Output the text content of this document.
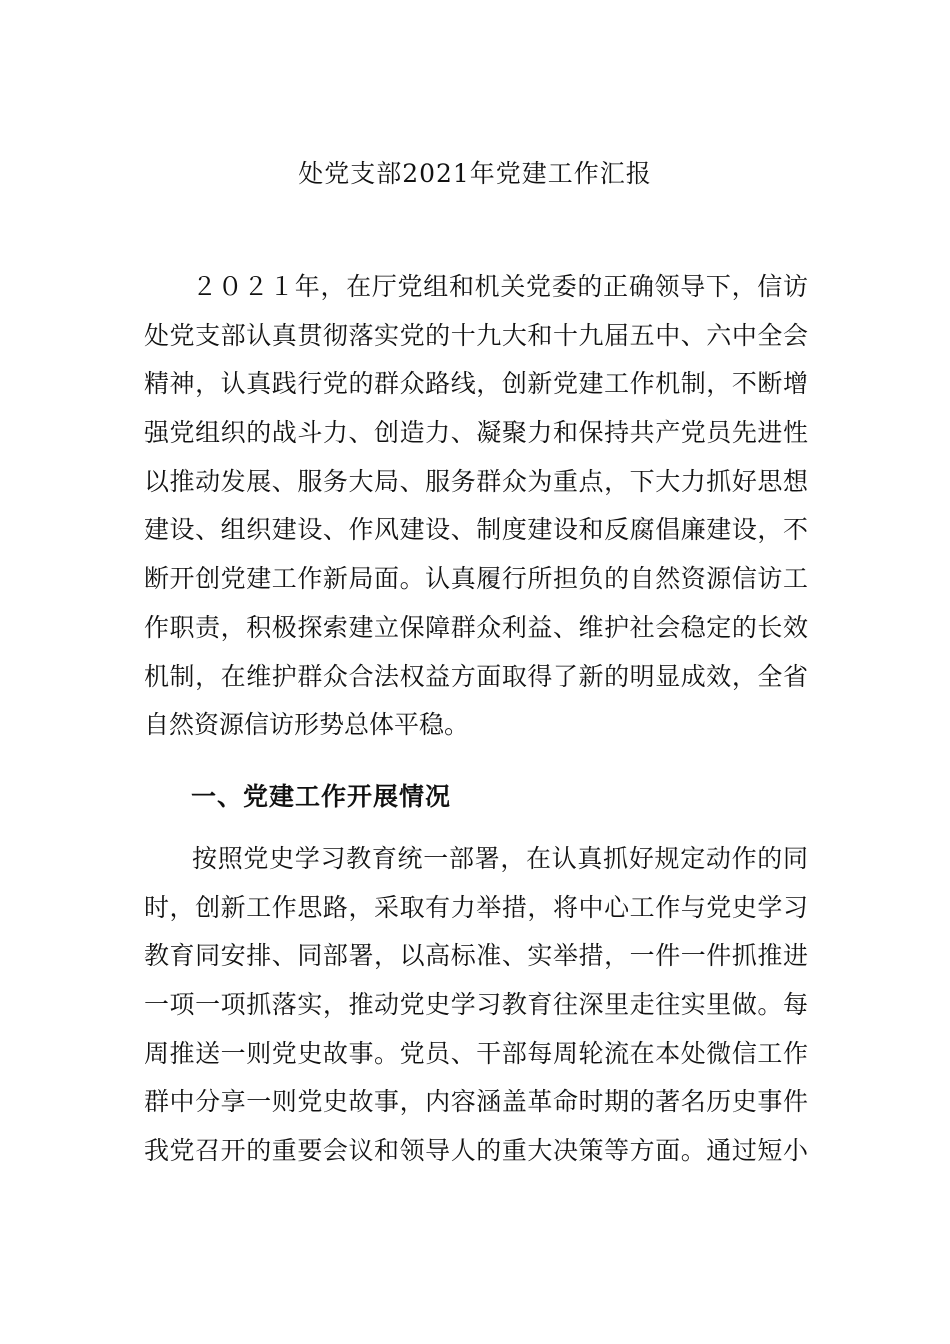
处党支部2021年党建工作汇报
２０２１年，在厅党组和机关党委的正确领导下，信访
处党支部认真贯彻落实党的十九大和十九届五中、六中全会
精神，认真践行党的群众路线，创新党建工作机制，不断增
强党组织的战斗力、创造力、凝聚力和保持共产党员先进性
以推动发展、服务大局、服务群众为重点，下大力抓好思想
建设、组织建设、作风建设、制度建设和反腐倡廉建设，不
断开创党建工作新局面。认真履行所担负的自然资源信访工
作职责，积极探索建立保障群众利益、维护社会稳定的长效
机制，在维护群众合法权益方面取得了新的明显成效，全省
自然资源信访形势总体平稳。
一、党建工作开展情况
按照党史学习教育统一部署，在认真抓好规定动作的同
时，创新工作思路，采取有力举措，将中心工作与党史学习
教育同安排、同部署，以高标准、实举措，一件一件抓推进
一项一项抓落实，推动党史学习教育往深里走往实里做。每
周推送一则党史故事。党员、干部每周轮流在本处微信工作
群中分享一则党史故事，内容涵盖革命时期的著名历史事件
我党召开的重要会议和领导人的重大决策等方面。通过短小
